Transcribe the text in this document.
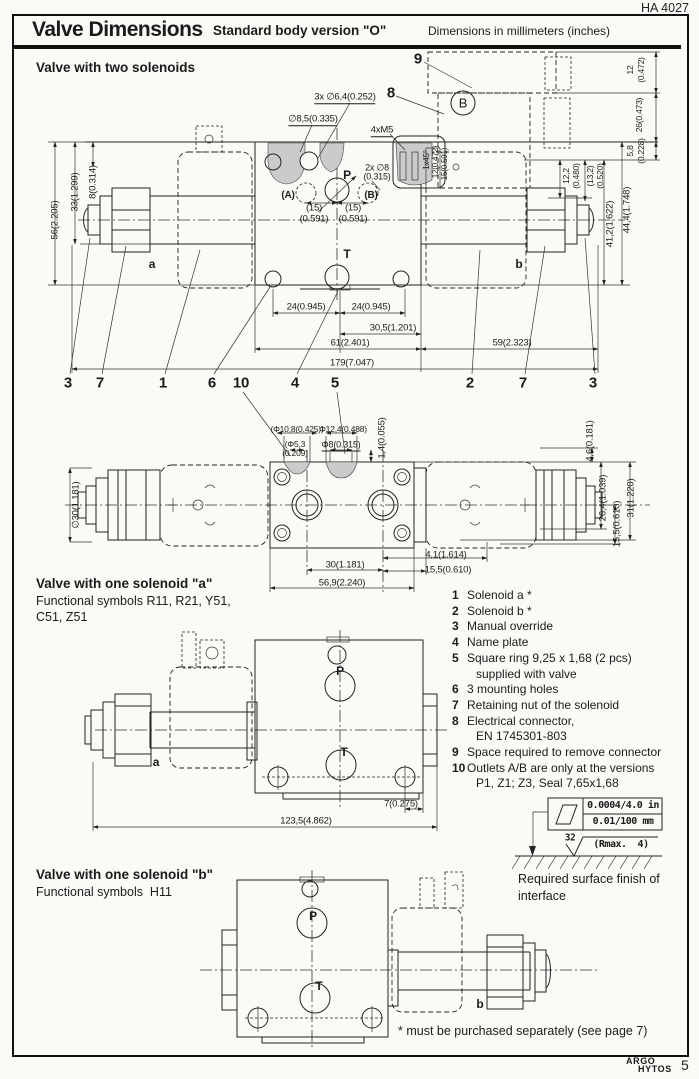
HA 4027
Valve Dimensions Standard body version "O"	Dimensions in millimeters (inches)
Valve with two solenoids
Valve with one solenoid "a"
Functional symbols R11, R21, Y51,
C51, Z51
Valve with one solenoid "b"
Functional symbols  H11
9
8
B
3x ∅6,4(0.252)
∅8,5(0.335)
4xM5
1x45° 12(0.472) 15(0.591)
2x ∅8
(0.315)
P
(A)	(B)
(15)
(0.591)
(15)
(0.591)
T
a	b
56(2.205)
33(1.299) 8(0.314)
12 (0.472)
26(0.473)
5,8 (0.228)
12,2 (0.480) (13,2) (0.520)
41,2(1.622) 44,4(1.748)
24(0.945)	24(0.945)
30,5(1.201)
61(2.401)	59(2.323)
179(7.047)
3 7	1	6 10	4 5	2	7	3
(Φ10,8(0.425))
Φ12,4(0.488)
(Φ5,3
(0.209)
Φ8(0.315) 1,4(0.055)	4,6(0.181)
26,4(1.039) 31(1.220)
15,5(0.610)
∅30(1.181)
4,1(1.614)
15,5(0.610)
30(1.181)
56,9(2.240)
P
T
a
7(0.275)
123,5(4.862)
0.0004/4.0 in
0.01/100 mm
32
(Rmax.  4)
P
T
b
1 Solenoid a *
2 Solenoid b *
3 Manual override
4 Name plate
5 Square ring 9,25 x 1,68 (2 pcs)
supplied with valve
6 3 mounting holes
7 Retaining nut of the solenoid
8 Electrical connector,
EN 1745301-803
9 Space required to remove connector
10 Outlets A/B are only at the versions
P1, Z1; Z3, Seal 7,65x1,68
Required surface finish of
interface
* must be purchased separately (see page 7)
ARGO
HYTOS 5
